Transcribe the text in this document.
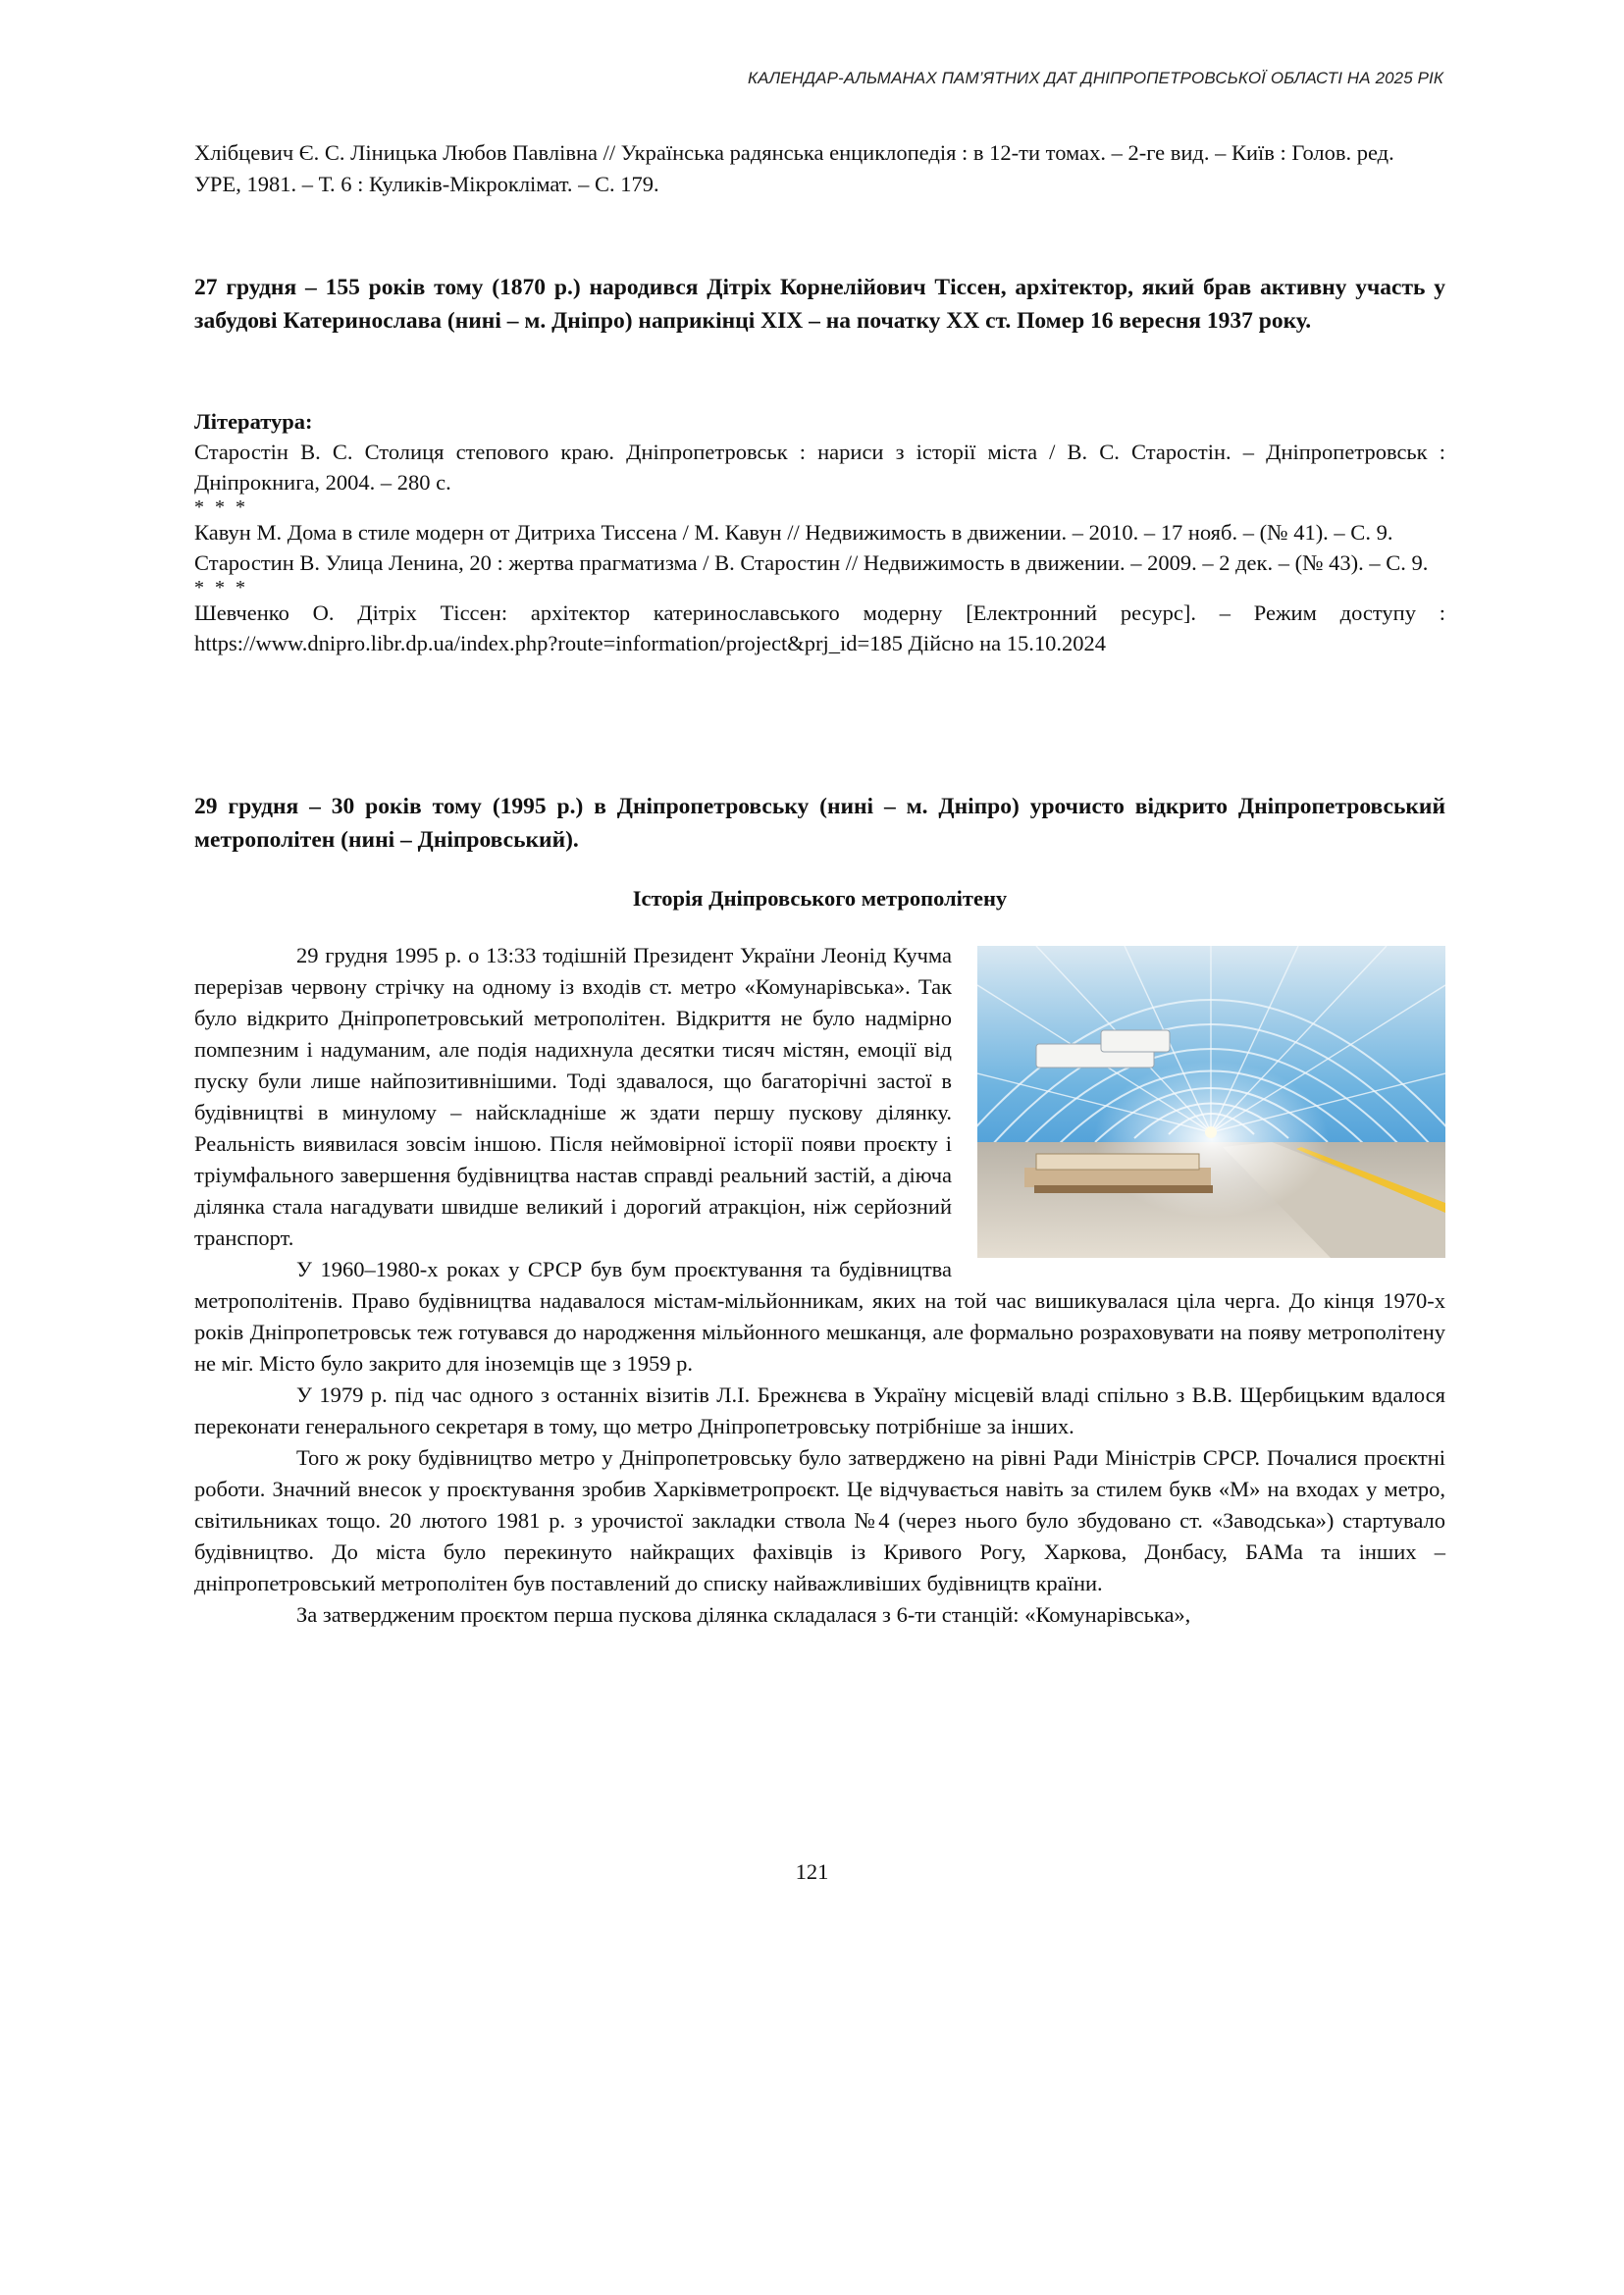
КАЛЕНДАР-АЛЬМАНАХ ПАМ’ЯТНИХ ДАТ ДНІПРОПЕТРОВСЬКОЇ ОБЛАСТІ НА 2025 РІК

Хлібцевич Є. С. Ліницька Любов Павлівна // Українська радянська енциклопедія : в 12-ти томах. – 2-ге вид. – Київ : Голов. ред. УРЕ, 1981. – Т. 6 : Куликів-Мікроклімат. – С. 179.

27 грудня – 155 років тому (1870 р.) народився Дітріх Корнелійович Тіссен, архітектор, який брав активну участь у забудові Катеринослава (нині – м. Дніпро) наприкінці ХІХ – на початку ХХ ст. Помер 16 вересня 1937 року.

Література:

Старостін В. С. Столиця степового краю. Дніпропетровськ : нариси з історії міста / В. С. Старостін. – Дніпропетровськ : Дніпрокнига, 2004. – 280 с.

* * *

Кавун М. Дома в стиле модерн от Дитриха Тиссена / М. Кавун // Недвижимость в движении. – 2010. – 17 нояб. – (№ 41). – С. 9.

Старостин В. Улица Ленина, 20 : жертва прагматизма / В. Старостин // Недвижимость в движении. – 2009. – 2 дек. – (№ 43). – С. 9.

* * *

Шевченко О. Дітріх Тіссен: архітектор катеринославського модерну [Електронний ресурс]. – Режим доступу : https://www.dnipro.libr.dp.ua/index.php?route=information/project&prj_id=185 Дійсно на 15.10.2024

29 грудня – 30 років тому (1995 р.) в Дніпропетровську (нині – м. Дніпро) урочисто відкрито Дніпропетровський метрополітен (нині – Дніпровський).

Історія Дніпровського метрополітену

29 грудня 1995 р. о 13:33 тодішній Президент України Леонід Кучма перерізав червону стрічку на одному із входів ст. метро «Комунарівська». Так було відкрито Дніпропетровський метрополітен. Відкриття не було надмірно помпезним і надуманим, але подія надихнула десятки тисяч містян, емоції від пуску були лише найпозитивнішими. Тоді здавалося, що багаторічні застої в будівництві в минулому – найскладніше ж здати першу пускову ділянку. Реальність виявилася зовсім іншою. Після неймовірної історії появи проєкту і тріумфального завершення будівництва настав справді реальний застій, а діюча ділянка стала нагадувати швидше великий і дорогий атракціон, ніж серйозний транспорт.

У 1960–1980-х роках у СРСР був бум проєктування та будівництва метрополітенів. Право будівництва надавалося містам-мільйонникам, яких на той час вишикувалася ціла черга. До кінця 1970-х років Дніпропетровськ теж готувався до народження мільйонного мешканця, але формально розраховувати на появу метрополітену не міг. Місто було закрито для іноземців ще з 1959 р.

У 1979 р. під час одного з останніх візитів Л.І. Брежнєва в Україну місцевій владі спільно з В.В. Щербицьким вдалося переконати генерального секретаря в тому, що метро Дніпропетровську потрібніше за інших.

Того ж року будівництво метро у Дніпропетровську було затверджено на рівні Ради Міністрів СРСР. Почалися проєктні роботи. Значний внесок у проєктування зробив Харківметропроєкт. Це відчувається навіть за стилем букв «М» на входах у метро, світильниках тощо. 20 лютого 1981 р. з урочистої закладки ствола №4 (через нього було збудовано ст. «Заводська») стартувало будівництво. До міста було перекинуто найкращих фахівців із Кривого Рогу, Харкова, Донбасу, БАМа та інших – дніпропетровський метрополітен був поставлений до списку найважливіших будівництв країни.

За затвердженим проєктом перша пускова ділянка складалася з 6-ти станцій: «Комунарівська»,

121
